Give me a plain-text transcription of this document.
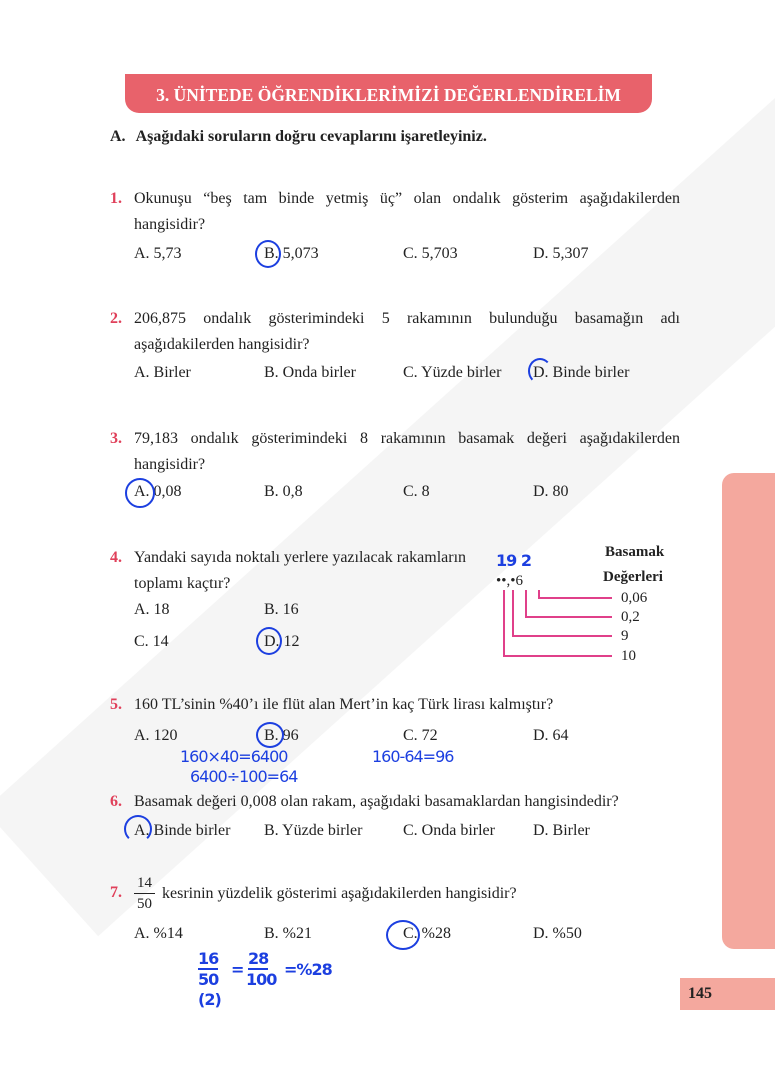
3. ÜNİTEDE ÖĞRENDİKLERİMİZİ DEĞERLENDİRELİM
A. Aşağıdaki soruların doğru cevaplarını işaretleyiniz.
1. Okunuşu “beş tam binde yetmiş üç” olan ondalık gösterim aşağıdakilerden hangisidir?
A. 5,73	B. 5,073	C. 5,703	D. 5,307
2. 206,875 ondalık gösterimindeki 5 rakamının bulunduğu basamağın adı aşağıdakilerden hangisidir?
A. Birler	B. Onda birler	C. Yüzde birler D. Binde birler
3. 79,183 ondalık gösterimindeki 8 rakamının basamak değeri aşağıdakilerden hangisidir?
A. 0,08	B. 0,8	C. 8	D. 80
4. Yandaki sayıda noktalı yerlere yazılacak rakamların toplamı kaçtır?
A. 18	B. 16
C. 14	D. 12
Basamak
Değerleri
19 2
••,•6
0,06
0,2
9
10
5. 160 TL’sinin %40’ı ile flüt alan Mert’in kaç Türk lirası kalmıştır?
A. 120	B. 96	C. 72	D. 64
160×40=6400
6400÷100=64
160-64=96
6. Basamak değeri 0,008 olan rakam, aşağıdaki basamaklardan hangisindedir?
A. Binde birler B. Yüzde birler	C. Onda birler D. Birler
7. $\frac{14}{50}$ kesrinin yüzdelik gösterimi aşağıdakilerden hangisidir?
A. %14	B. %21	C. %28	D. %50
16
50
(2)
=
28
100
=%28
145
